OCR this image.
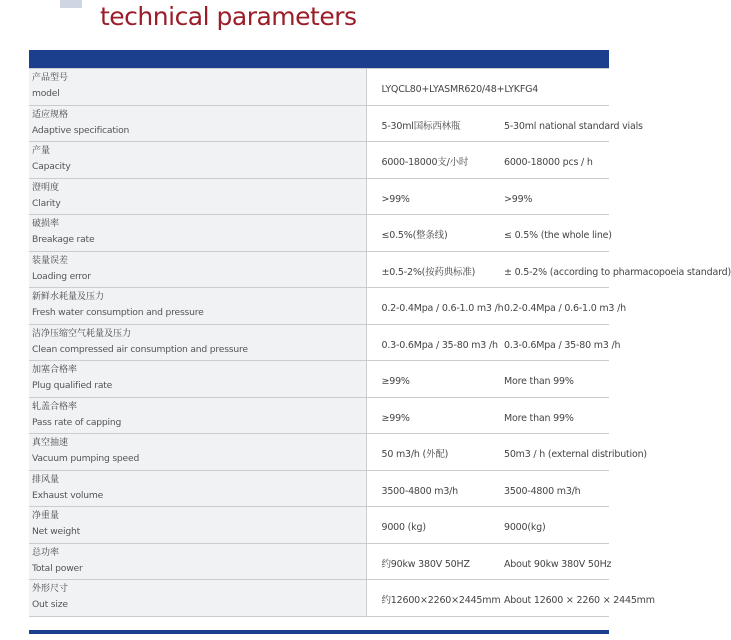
technical parameters
产品型号
model	LYQCL80+LYASMR620/48+LYKFG4	

适应规格
Adaptive specification	5-30ml国标西林瓶	5-30ml national standard vials

产量
Capacity	6000-18000支/小时	6000-18000 pcs / h

澄明度
Clarity	>99%	>99%

破损率
Breakage rate	≤0.5%(整条线)	≤ 0.5% (the whole line)

装量误差
Loading error	±0.5-2%(按药典标准)	± 0.5-2% (according to pharmacopoeia standard)

新鲜水耗量及压力
Fresh water consumption and pressure	0.2-0.4Mpa / 0.6-1.0 m3 /h	0.2-0.4Mpa / 0.6-1.0 m3 /h

洁净压缩空气耗量及压力
Clean compressed air consumption and pressure	0.3-0.6Mpa / 35-80 m3 /h	0.3-0.6Mpa / 35-80 m3 /h

加塞合格率
Plug qualified rate	≥99%	More than 99%

轧盖合格率
Pass rate of capping	≥99%	More than 99%

真空抽速
Vacuum pumping speed	50 m3/h (外配)	50m3 / h (external distribution)

排风量
Exhaust volume	3500-4800 m3/h	3500-4800 m3/h

净重量
Net weight	9000 (kg)	9000(kg)

总功率
Total power	约90kw 380V 50HZ	About 90kw 380V 50Hz

外形尺寸
Out size	约12600×2260×2445mm	About 12600 × 2260 × 2445mm
